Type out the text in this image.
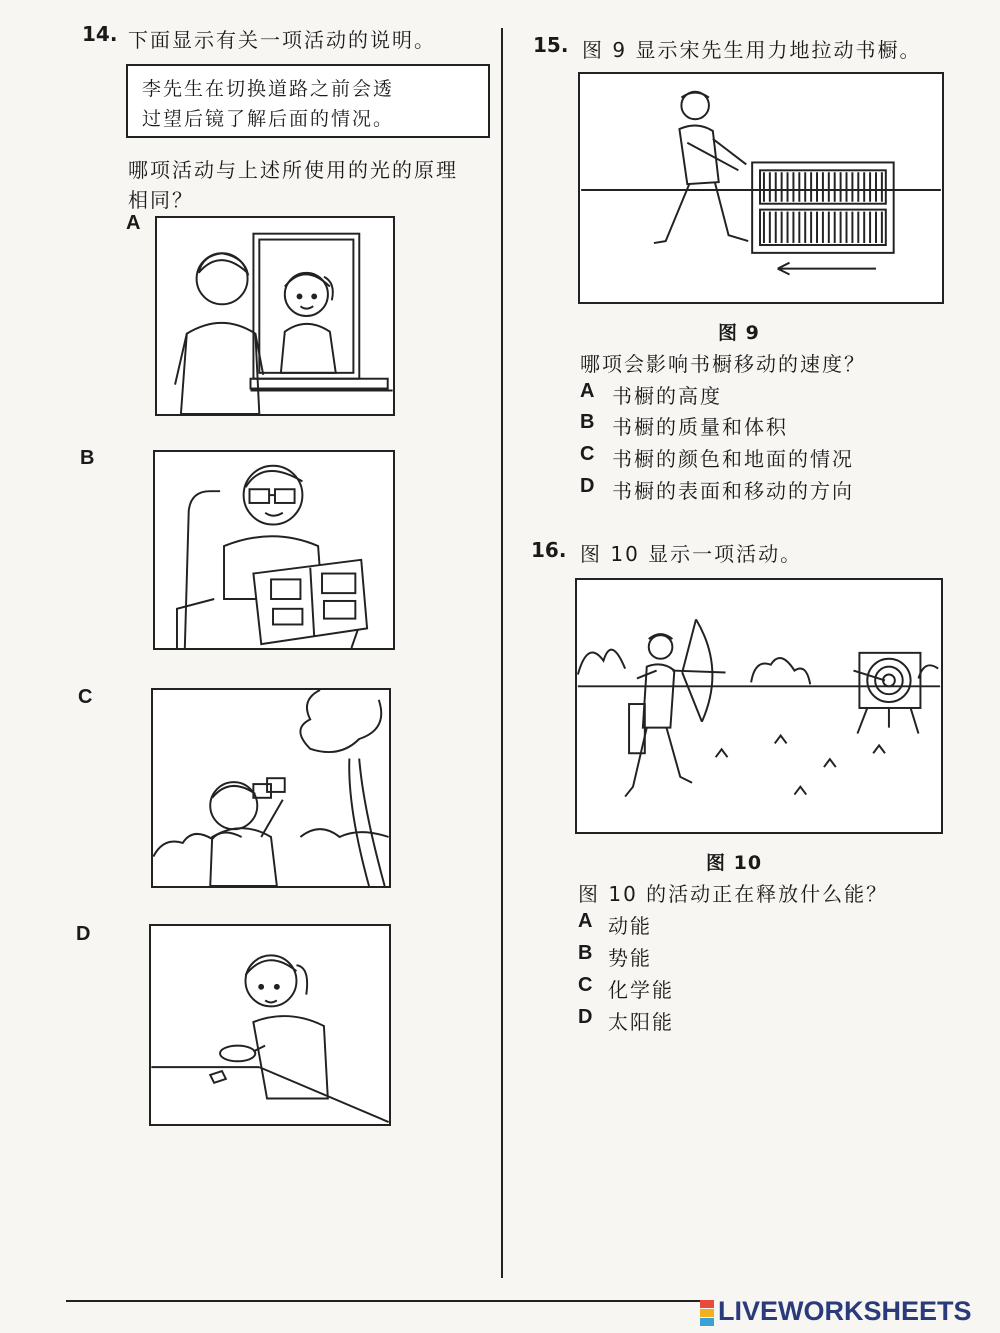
14. 下面显示有关一项活动的说明。
李先生在切换道路之前会透
过望后镜了解后面的情况。
哪项活动与上述所使用的光的原理
相同？
A
B
C
D
15. 图 9 显示宋先生用力地拉动书橱。
图 9
哪项会影响书橱移动的速度？
A 书橱的高度
B 书橱的质量和体积
C 书橱的颜色和地面的情况
D 书橱的表面和移动的方向
16. 图 10 显示一项活动。
图 10
图 10 的活动正在释放什么能？
A 动能
B 势能
C 化学能
D 太阳能
LIVEWORKSHEETS
